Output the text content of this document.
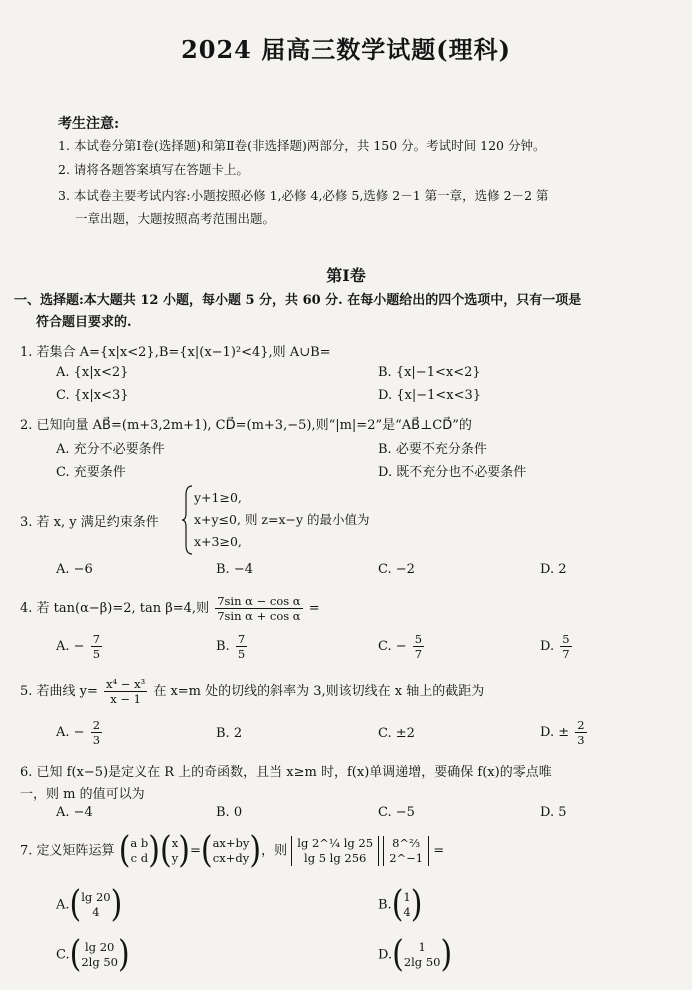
2024 届高三数学试题(理科)
考生注意:
1. 本试卷分第Ⅰ卷(选择题)和第Ⅱ卷(非选择题)两部分，共 150 分。考试时间 120 分钟。
2. 请将各题答案填写在答题卡上。
3. 本试卷主要考试内容:小题按照必修 1,必修 4,必修 5,选修 2－1 第一章，选修 2－2 第
一章出题，大题按照高考范围出题。
第Ⅰ卷
一、选择题:本大题共 12 小题，每小题 5 分，共 60 分. 在每小题给出的四个选项中，只有一项是
符合题目要求的.
1. 若集合 A={x|x<2},B={x|(x−1)²<4},则 A∪B=
A. {x|x<2}	B. {x|−1<x<2}
C. {x|x<3}	D. {x|−1<x<3}
2. 已知向量 AB⃗=(m+3,2m+1), CD⃗=(m+3,−5),则“|m|=2”是“AB⃗⊥CD⃗”的
A. 充分不必要条件	B. 必要不充分条件
C. 充要条件	D. 既不充分也不必要条件
3. 若 x, y 满足约束条件
y+1≥0,
x+y≤0, 则 z=x−y 的最小值为
x+3≥0,
A. −6	B. −4	C. −2	D. 2
4. 若 tan(α−β)=2, tan β=4,则 $\frac{\text{7sin α − cos α}}{\text{7sin α + cos α}}$ =
A. − $\frac{7}{5}$	B. $\frac{7}{5}$	C. − $\frac{5}{7}$	D. $\frac{5}{7}$
5. 若曲线 $y= \frac{\text{x⁴ − x³}}{x - 1}$ 在 x=m 处的切线的斜率为 3,则该切线在 x 轴上的截距为
A. − $\frac{2}{3}$	B. 2	C. ±2	D. ± $\frac{2}{3}$
6. 已知 f(x−5)是定义在 R 上的奇函数，且当 x≥m 时，f(x)单调递增，要确保 f(x)的零点唯
一，则 m 的值可以为
A. −4	B. 0	C. −5	D. 5
7. 定义矩阵运算 ( a b
c d )( x
y )=( ax+by
cx+dy )，则
lg 2^¼ lg 25
lg 5 lg 256

8^⅔
2^−1 =
A.( lg 20
4 )	B.( 1
4 )
C.( lg 20
2lg 50 )	D.(	1
2lg 50 )
